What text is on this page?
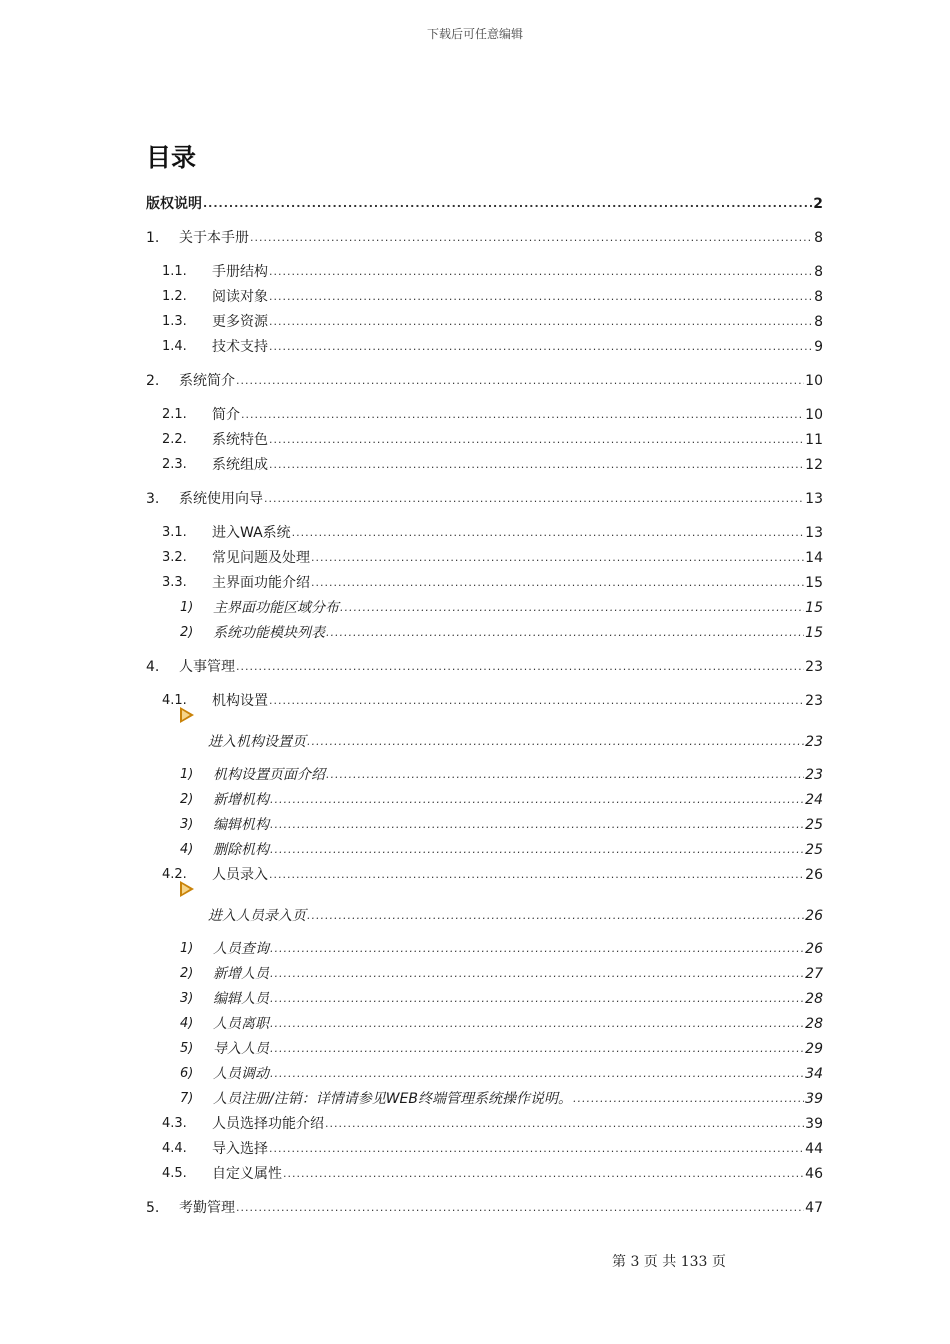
下载后可任意编辑
目录
版权说明 .....	2
1.	关于本手册 .....	8
1.1.	手册结构 .....	8
1.2.	阅读对象 .....	8
1.3.	更多资源 .....	8
1.4.	技术支持 .....	9
2.	系统简介 .....	10
2.1.	简介 .....	10
2.2.	系统特色 .....	11
2.3.	系统组成 .....	12
3.	系统使用向导 .....	13
3.1.	进入WA系统 .....	13
3.2.	常见问题及处理 .....	14
3.3.	主界面功能介绍 .....	15
1)	主界面功能区域分布 .....	15
2)	系统功能模块列表 .....	15
4.	人事管理 .....	23
4.1.	机构设置 .....	23
进入机构设置页 .....	23
1)	机构设置页面介绍 .....	23
2)	新增机构 .....	24
3)	编辑机构 .....	25
4)	删除机构 .....	25
4.2.	人员录入 .....	26
进入人员录入页 .....	26
1)	人员查询 .....	26
2)	新增人员 .....	27
3)	编辑人员 .....	28
4)	人员离职 .....	28
5)	导入人员 .....	29
6)	人员调动 .....	34
7)	人员注册/注销：详情请参见WEB终端管理系统操作说明。 .....	39
4.3.	人员选择功能介绍 .....	39
4.4.	导入选择 .....	44
4.5.	自定义属性 .....	46
5.	考勤管理 .....	47
第 3 页 共 133 页
